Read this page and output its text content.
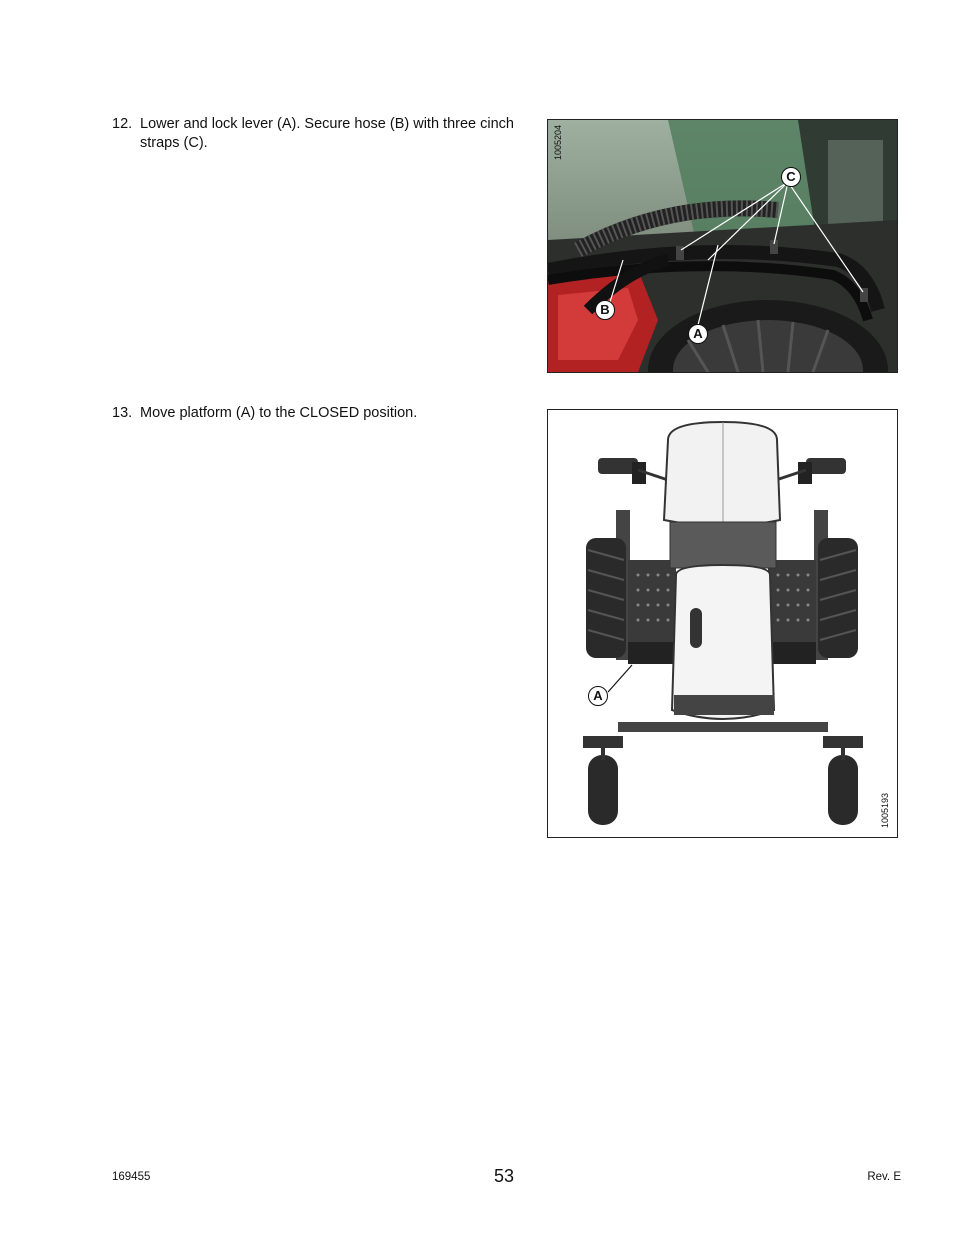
12. Lower and lock lever (A). Secure hose (B) with three cinch straps (C).	1005204
C
B
A
13. Move platform (A) to the CLOSED position.
1005193
A
169455	53	Rev. E
